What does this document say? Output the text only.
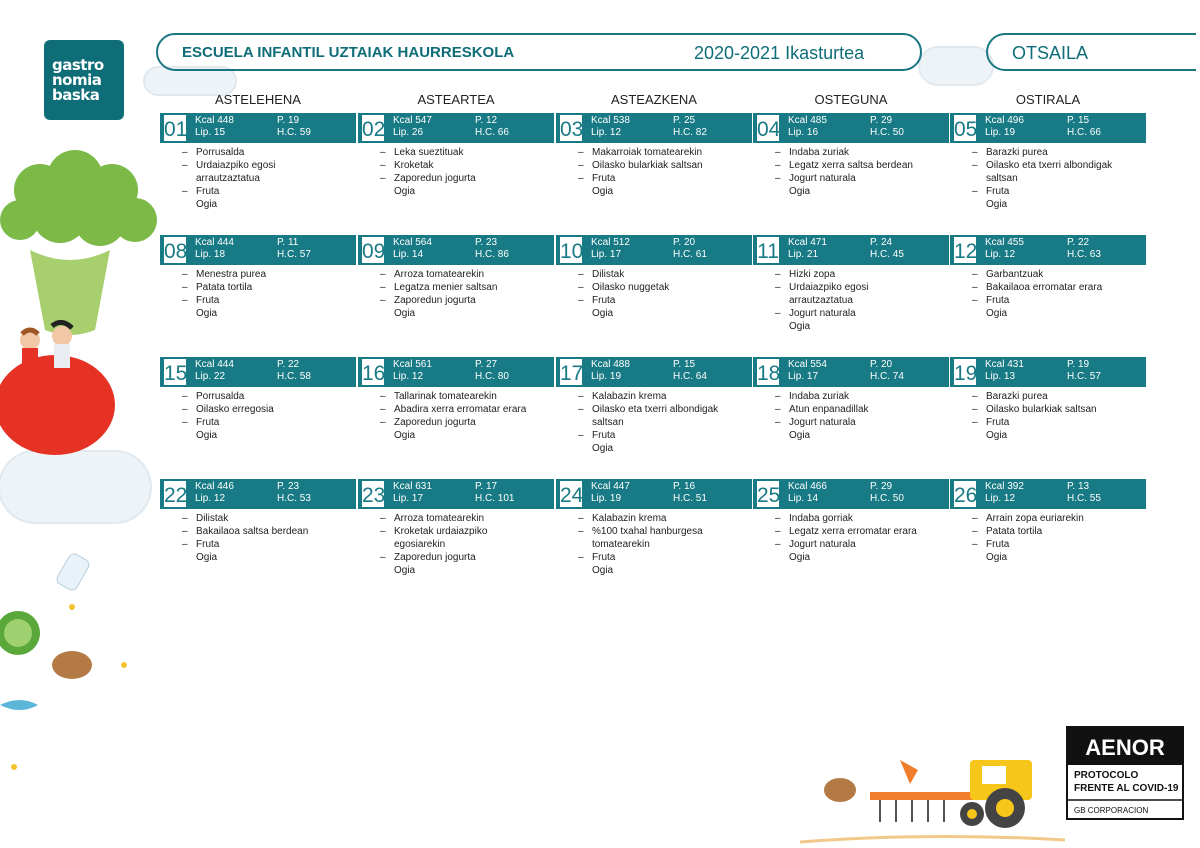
gastro
nomia
baska
ESCUELA INFANTIL UZTAIAK HAURRESKOLA	2020-2021 Ikasturtea	OTSAILA
ASTELEHENA	ASTEARTEA	ASTEAZKENA	OSTEGUNA	OSTIRALA
01 Kcal 448	P. 19
Lip. 15	H.C. 59
– Porrusalda
– Urdaiazpiko egosi
arrautzaztatua
– Fruta
Ogia
02 Kcal 547	P. 12
Lip. 26	H.C. 66
– Leka sueztituak
– Kroketak
– Zaporedun jogurta
Ogia
03 Kcal 538	P. 25
Lip. 12	H.C. 82
– Makarroiak tomatearekin
– Oilasko bularkiak saltsan
– Fruta
Ogia
04 Kcal 485	P. 29
Lip. 16	H.C. 50
– Indaba zuriak
– Legatz xerra saltsa berdean
– Jogurt naturala
Ogia
05 Kcal 496	P. 15
Lip. 19	H.C. 66
– Barazki purea
– Oilasko eta txerri albondigak
saltsan
– Fruta
Ogia
08 Kcal 444	P. 11
Lip. 18	H.C. 57
– Menestra purea
– Patata tortila
– Fruta
Ogia
09 Kcal 564	P. 23
Lip. 14	H.C. 86
– Arroza tomatearekin
– Legatza menier saltsan
– Zaporedun jogurta
Ogia
10 Kcal 512	P. 20
Lip. 17	H.C. 61
– Dilistak
– Oilasko nuggetak
– Fruta
Ogia
11 Kcal 471	P. 24
Lip. 21	H.C. 45
– Hizki zopa
– Urdaiazpiko egosi
arrautzaztatua
– Jogurt naturala
Ogia
12 Kcal 455	P. 22
Lip. 12	H.C. 63
– Garbantzuak
– Bakailaoa erromatar erara
– Fruta
Ogia
15 Kcal 444	P. 22
Lip. 22	H.C. 58
– Porrusalda
– Oilasko erregosia
– Fruta
Ogia
16 Kcal 561	P. 27
Lip. 12	H.C. 80
– Tallarinak tomatearekin
– Abadira xerra erromatar erara
– Zaporedun jogurta
Ogia
17 Kcal 488	P. 15
Lip. 19	H.C. 64
– Kalabazin krema
– Oilasko eta txerri albondigak
saltsan
– Fruta
Ogia
18 Kcal 554	P. 20
Lip. 17	H.C. 74
– Indaba zuriak
– Atun enpanadillak
– Jogurt naturala
Ogia
19 Kcal 431	P. 19
Lip. 13	H.C. 57
– Barazki purea
– Oilasko bularkiak saltsan
– Fruta
Ogia
22 Kcal 446	P. 23
Lip. 12	H.C. 53
– Dilistak
– Bakailaoa saltsa berdean
– Fruta
Ogia
23 Kcal 631	P. 17
Lip. 17	H.C. 101
– Arroza tomatearekin
– Kroketak urdaiazpiko
egosiarekin
– Zaporedun jogurta
Ogia
24 Kcal 447	P. 16
Lip. 19	H.C. 51
– Kalabazin krema
– %100 txahal hanburgesa
tomatearekin
– Fruta
Ogia
25 Kcal 466	P. 29
Lip. 14	H.C. 50
– Indaba gorriak
– Legatz xerra erromatar erara
– Jogurt naturala
Ogia
26 Kcal 392	P. 13
Lip. 12	H.C. 55
– Arrain zopa euriarekin
– Patata tortila
– Fruta
Ogia
AENOR
PROTOCOLO
FRENTE AL COVID-19
GB CORPORACION
